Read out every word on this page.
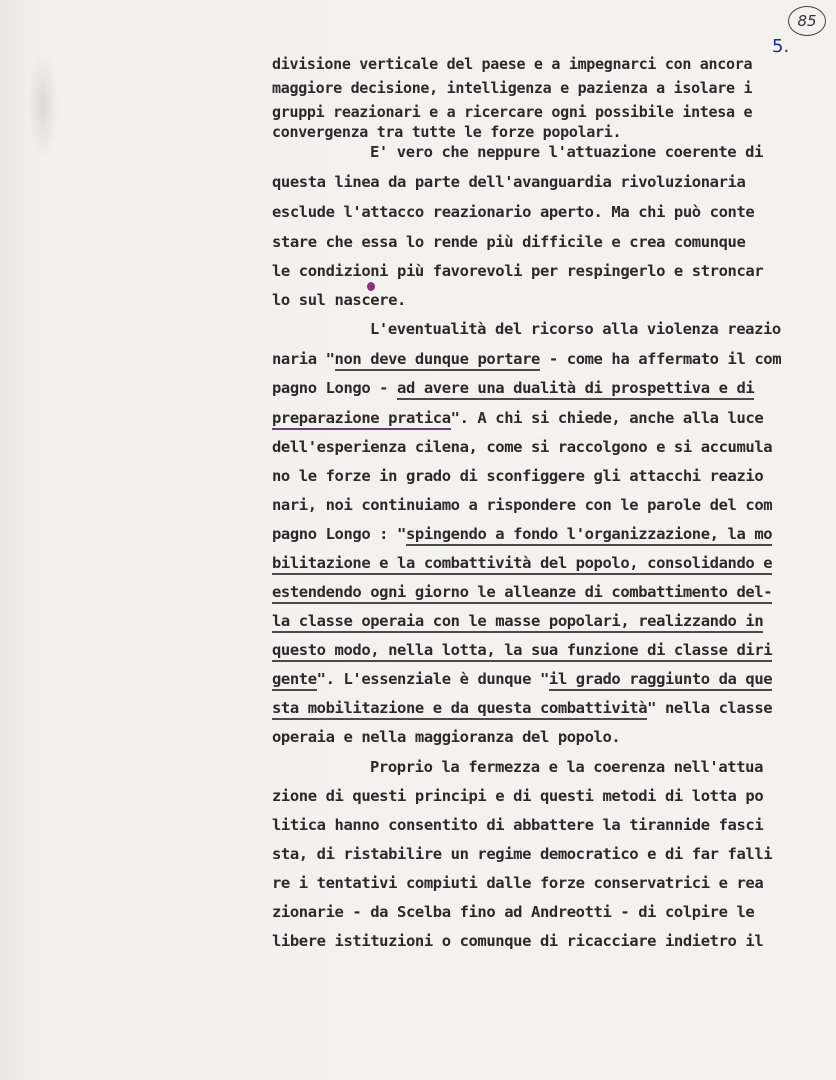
85
5.
divisione verticale del paese e a impegnarci con ancora
maggiore decisione, intelligenza e pazienza a isolare i
gruppi reazionari e a ricercare ogni possibile intesa e
convergenza tra tutte le forze popolari.
E' vero che neppure l'attuazione coerente di
questa linea da parte dell'avanguardia rivoluzionaria
esclude l'attacco reazionario aperto. Ma chi può conte
stare che essa lo rende più difficile e crea comunque
le condizioni più favorevoli per respingerlo e stroncar
lo sul nascere.
L'eventualità del ricorso alla violenza reazio
naria "non deve dunque portare - come ha affermato il com
pagno Longo - ad avere una dualità di prospettiva e di
preparazione pratica". A chi si chiede, anche alla luce
dell'esperienza cilena, come si raccolgono e si accumula
no le forze in grado di sconfiggere gli attacchi reazio
nari, noi continuiamo a rispondere con le parole del com
pagno Longo : "spingendo a fondo l'organizzazione, la mo
bilitazione e la combattività del popolo, consolidando e
estendendo ogni giorno le alleanze di combattimento del-
la classe operaia con le masse popolari, realizzando in
questo modo, nella lotta, la sua funzione di classe diri
gente". L'essenziale è dunque "il grado raggiunto da que
sta mobilitazione e da questa combattività" nella classe
operaia e nella maggioranza del popolo.
Proprio la fermezza e la coerenza nell'attua
zione di questi principi e di questi metodi di lotta po
litica hanno consentito di abbattere la tirannide fasci
sta, di ristabilire un regime democratico e di far falli
re i tentativi compiuti dalle forze conservatrici e rea
zionarie - da Scelba fino ad Andreotti - di colpire le
libere istituzioni o comunque di ricacciare indietro il
